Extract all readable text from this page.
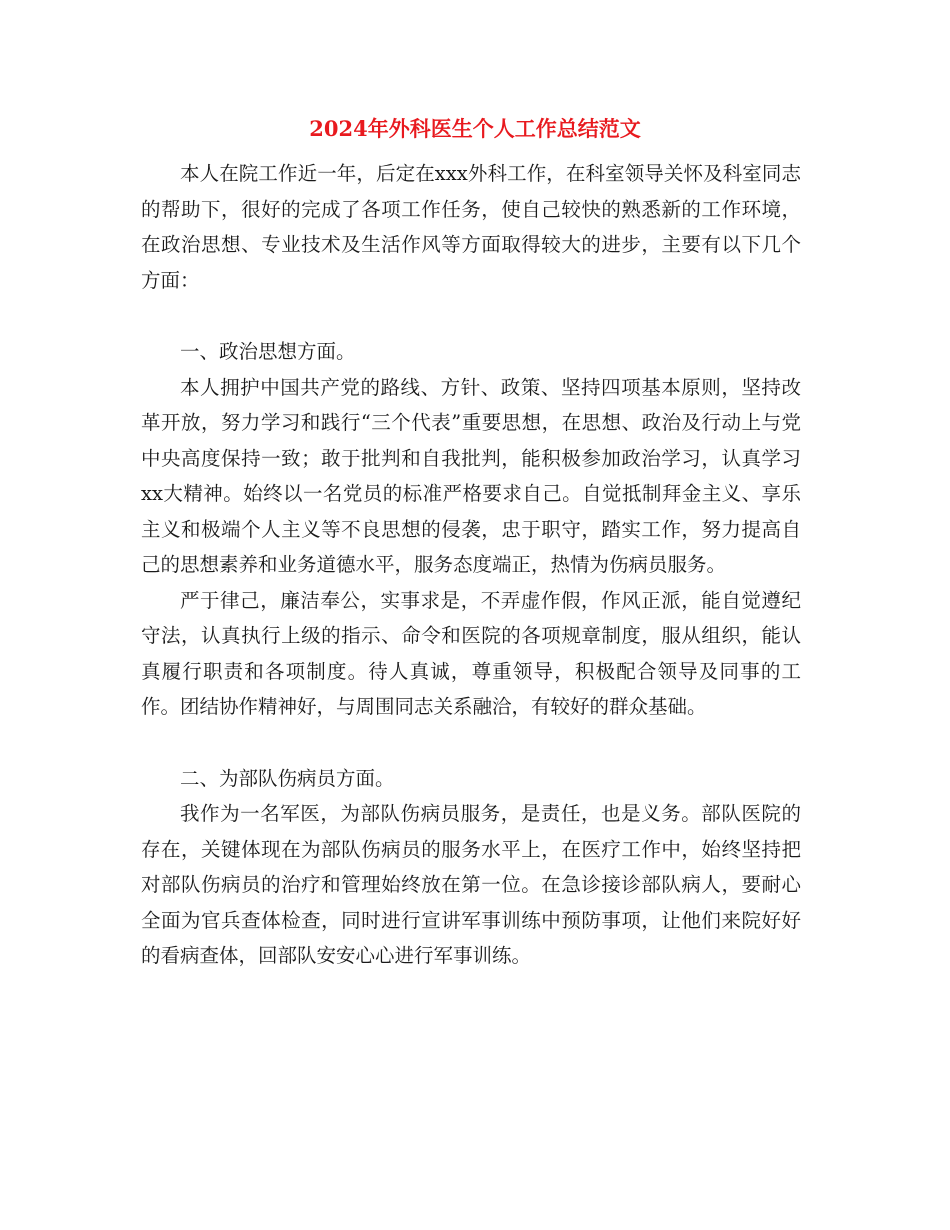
2024年外科医生个人工作总结范文

本人在院工作近一年，后定在xxx外科工作，在科室领导关怀及科室同志的帮助下，很好的完成了各项工作任务，使自己较快的熟悉新的工作环境，在政治思想、专业技术及生活作风等方面取得较大的进步，主要有以下几个方面：

一、政治思想方面。

本人拥护中国共产党的路线、方针、政策、坚持四项基本原则，坚持改革开放，努力学习和践行“三个代表”重要思想，在思想、政治及行动上与党中央高度保持一致；敢于批判和自我批判，能积极参加政治学习，认真学习xx大精神。始终以一名党员的标准严格要求自己。自觉抵制拜金主义、享乐主义和极端个人主义等不良思想的侵袭，忠于职守，踏实工作，努力提高自己的思想素养和业务道德水平，服务态度端正，热情为伤病员服务。

严于律己，廉洁奉公，实事求是，不弄虚作假，作风正派，能自觉遵纪守法，认真执行上级的指示、命令和医院的各项规章制度，服从组织，能认真履行职责和各项制度。待人真诚，尊重领导，积极配合领导及同事的工作。团结协作精神好，与周围同志关系融洽，有较好的群众基础。

二、为部队伤病员方面。

我作为一名军医，为部队伤病员服务，是责任，也是义务。部队医院的存在，关键体现在为部队伤病员的服务水平上，在医疗工作中，始终坚持把对部队伤病员的治疗和管理始终放在第一位。在急诊接诊部队病人，要耐心全面为官兵查体检查，同时进行宣讲军事训练中预防事项，让他们来院好好的看病查体，回部队安安心心进行军事训练。
